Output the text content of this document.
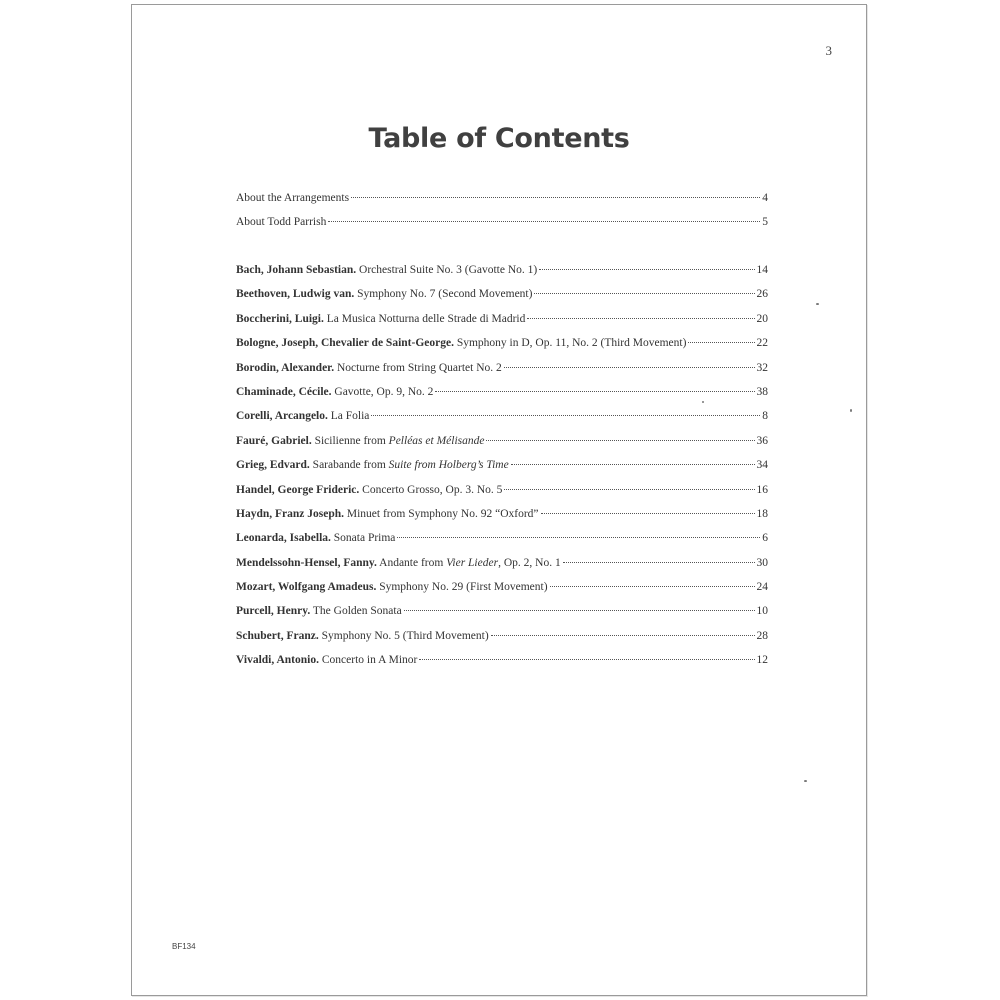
3
Table of Contents
About the Arrangements	4
About Todd Parrish	5
Bach, Johann Sebastian. Orchestral Suite No. 3 (Gavotte No. 1)	14
Beethoven, Ludwig van. Symphony No. 7 (Second Movement)	26
Boccherini, Luigi. La Musica Notturna delle Strade di Madrid	20
Bologne, Joseph, Chevalier de Saint-George. Symphony in D, Op. 11, No. 2 (Third Movement)	22
Borodin, Alexander. Nocturne from String Quartet No. 2	32
Chaminade, Cécile. Gavotte, Op. 9, No. 2	38
Corelli, Arcangelo. La Folia	8
Fauré, Gabriel. Sicilienne from Pelléas et Mélisande	36
Grieg, Edvard. Sarabande from Suite from Holberg’s Time	34
Handel, George Frideric. Concerto Grosso, Op. 3. No. 5	16
Haydn, Franz Joseph. Minuet from Symphony No. 92 “Oxford”	18
Leonarda, Isabella. Sonata Prima	6
Mendelssohn-Hensel, Fanny. Andante from Vier Lieder, Op. 2, No. 1	30
Mozart, Wolfgang Amadeus. Symphony No. 29 (First Movement)	24
Purcell, Henry. The Golden Sonata	10
Schubert, Franz. Symphony No. 5 (Third Movement)	28
Vivaldi, Antonio. Concerto in A Minor	12
BF134
